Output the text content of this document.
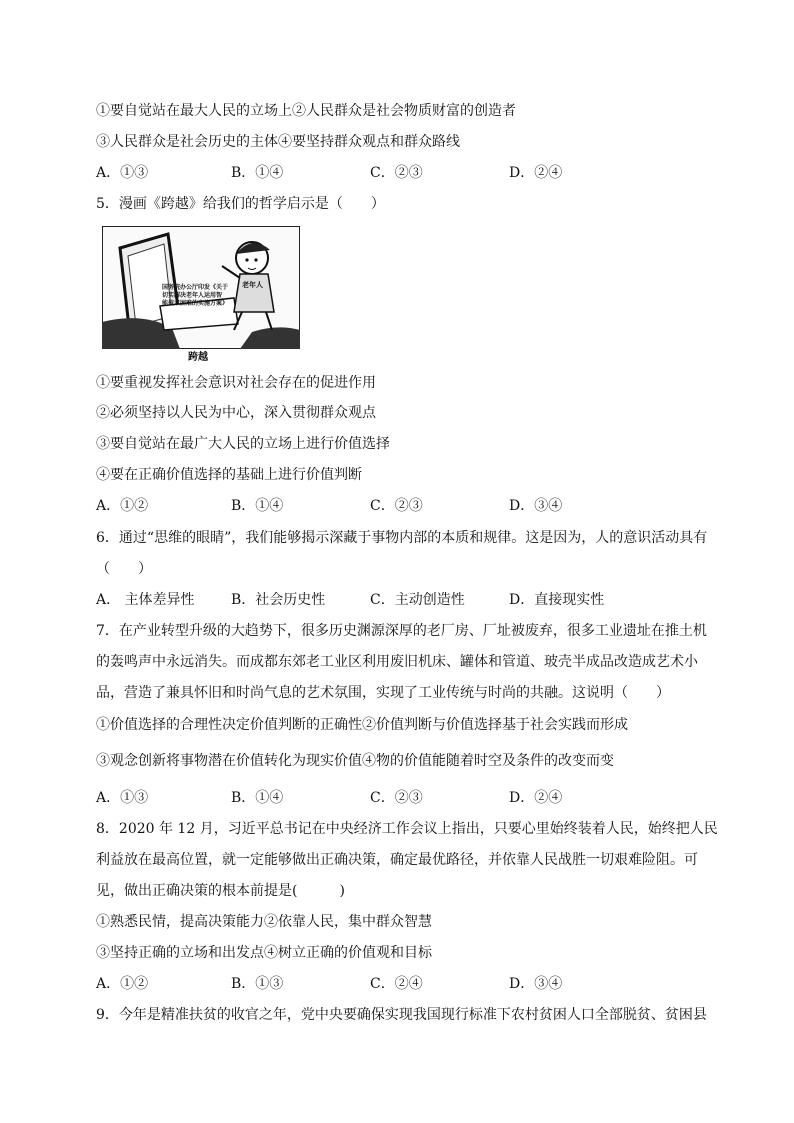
①要自觉站在最大人民的立场上②人民群众是社会物质财富的创造者
③人民群众是社会历史的主体④要坚持群众观点和群众路线
A．①③	B．①④	C．②③	D．②④
5．漫画《跨越》给我们的哲学启示是（　　）
国务院办公厅印发《关于
切实解决老年人运用智
能技术困难的实施方案》
老年人
跨越
①要重视发挥社会意识对社会存在的促进作用
②必须坚持以人民为中心，深入贯彻群众观点
③要自觉站在最广大人民的立场上进行价值选择
④要在正确价值选择的基础上进行价值判断
A．①②	B．①④	C．②③	D．③④
6．通过“思维的眼睛”，我们能够揭示深藏于事物内部的本质和规律。这是因为，人的意识活动具有
（　　）
A． 主体差异性	B．社会历史性	C．主动创造性	D．直接现实性
7．在产业转型升级的大趋势下，很多历史渊源深厚的老厂房、厂址被废弃，很多工业遗址在推土机
的轰鸣声中永远消失。而成都东郊老工业区利用废旧机床、罐体和管道、玻壳半成品改造成艺术小
品，营造了兼具怀旧和时尚气息的艺术氛围，实现了工业传统与时尚的共融。这说明（　　）
①价值选择的合理性决定价值判断的正确性②价值判断与价值选择基于社会实践而形成
③观念创新将事物潜在价值转化为现实价值④物的价值能随着时空及条件的改变而变
A．①③	B．①④	C．②③	D．②④
8．2020 年 12 月，习近平总书记在中央经济工作会议上指出，只要心里始终装着人民，始终把人民
利益放在最高位置，就一定能够做出正确决策，确定最优路径，并依靠人民战胜一切艰难险阻。可
见，做出正确决策的根本前提是(　　　)
①熟悉民情，提高决策能力②依靠人民，集中群众智慧
③坚持正确的立场和出发点④树立正确的价值观和目标
A．①②	B．①③	C．②④	D．③④
9．今年是精准扶贫的收官之年，党中央要确保实现我国现行标准下农村贫困人口全部脱贫、贫困县
